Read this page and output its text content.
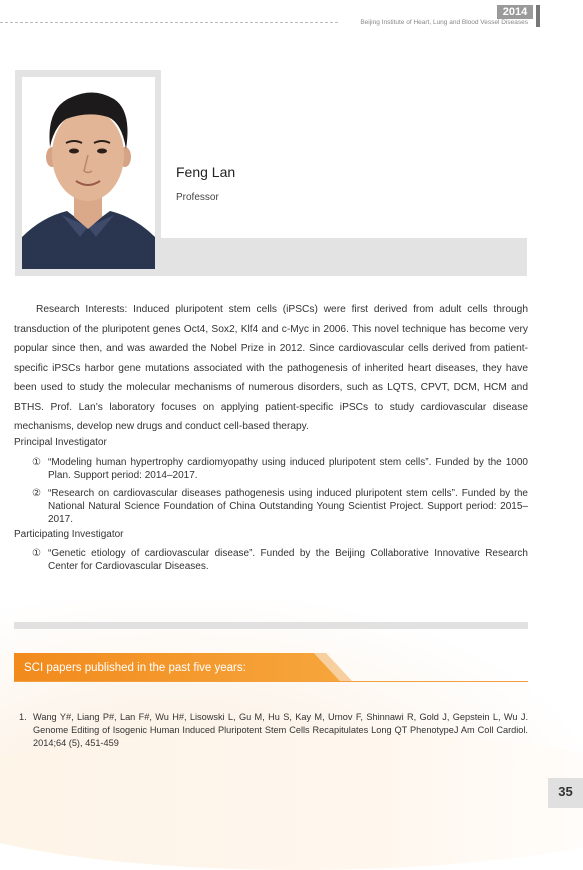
2014
Beijing Institute of Heart, Lung and Blood Vessel Diseases
Feng Lan
Professor

Research Interests: Induced pluripotent stem cells (iPSCs) were first derived from adult cells through transduction of the pluripotent genes Oct4, Sox2, Klf4 and c-Myc in 2006. This novel technique has become very popular since then, and was awarded the Nobel Prize in 2012. Since cardiovascular cells derived from patient-specific iPSCs harbor gene mutations associated with the pathogenesis of inherited heart diseases, they have been used to study the molecular mechanisms of numerous disorders, such as LQTS, CPVT, DCM, HCM and BTHS. Prof. Lan’s laboratory focuses on applying patient-specific iPSCs to study cardiovascular disease mechanisms, develop new drugs and conduct cell-based therapy.

Principal Investigator
① “Modeling human hypertrophy cardiomyopathy using induced pluripotent stem cells”. Funded by the 1000 Plan. Support period: 2014–2017.
② “Research on cardiovascular diseases pathogenesis using induced pluripotent stem cells”. Funded by the National Natural Science Foundation of China Outstanding Young Scientist Project. Support period: 2015–2017.
Participating Investigator
① “Genetic etiology of cardiovascular disease”. Funded by the Beijing Collaborative Innovative Research Center for Cardiovascular Diseases.
SCI papers published in the past five years:
1. Wang Y#, Liang P#, Lan F#, Wu H#, Lisowski L, Gu M, Hu S, Kay M, Urnov F, Shinnawi R, Gold J, Gepstein L, Wu J. Genome Editing of Isogenic Human Induced Pluripotent Stem Cells Recapitulates Long QT PhenotypeJ Am Coll Cardiol. 2014;64 (5), 451-459
35
